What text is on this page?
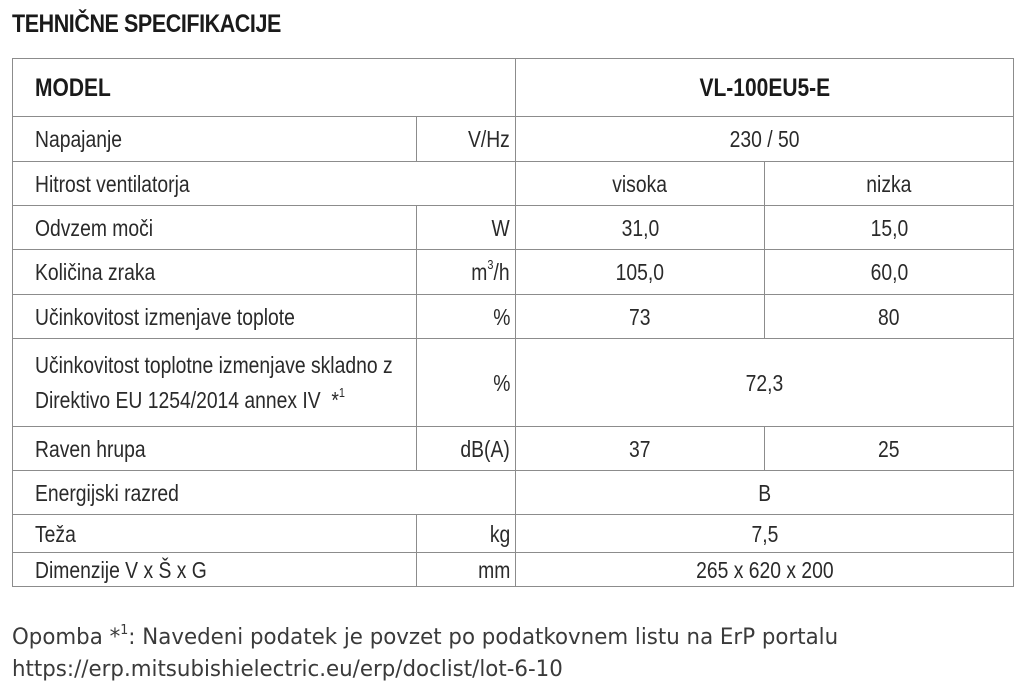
TEHNIČNE SPECIFIKACIJE
MODEL		VL-100EU5-E	
Napajanje	V/Hz	230 / 50	
Hitrost ventilatorja		visoka	nizka
Odvzem moči	W	31,0	15,0
Količina zraka	$m^3/h$	105,0	60,0
Učinkovitost izmenjave toplote	%	73	80
Učinkovitost toplotne izmenjave skladno z
Direktivo EU 1254/2014 annex IV *$^1$	%	72,3	
Raven hrupa	dB(A)	37	25
Energijski razred		B	
Teža	kg	7,5	
Dimenzije V x Š x G	mm	265 x 620 x 200	
Opomba *$^1$: Navedeni podatek je povzet po podatkovnem listu na ErP portalu
https://erp.mitsubishielectric.eu/erp/doclist/lot-6-10
